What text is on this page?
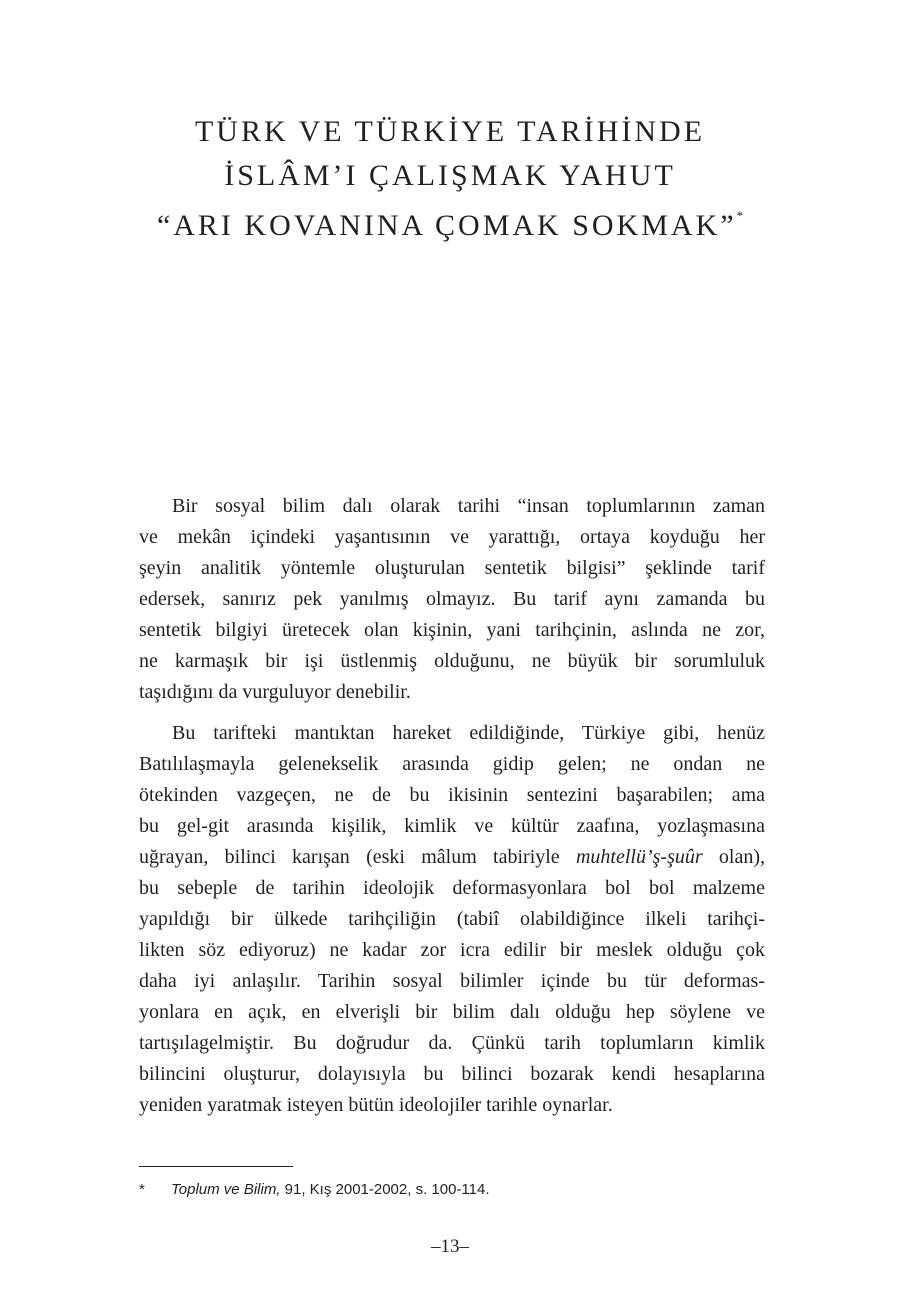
TÜRK VE TÜRKİYE TARİHİNDE
İSLÂM’I ÇALIŞMAK YAHUT
“ARI KOVANINA ÇOMAK SOKMAK”*

Bir sosyal bilim dalı olarak tarihi “insan toplumlarının zaman
ve mekân içindeki yaşantısının ve yarattığı, ortaya koyduğu her
şeyin analitik yöntemle oluşturulan sentetik bilgisi” şeklinde tarif
edersek, sanırız pek yanılmış olmayız. Bu tarif aynı zamanda bu
sentetik bilgiyi üretecek olan kişinin, yani tarihçinin, aslında ne zor,
ne karmaşık bir işi üstlenmiş olduğunu, ne büyük bir sorumluluk
taşıdığını da vurguluyor denebilir.

Bu tarifteki mantıktan hareket edildiğinde, Türkiye gibi, henüz
Batılılaşmayla gelenekselik arasında gidip gelen; ne ondan ne
ötekinden vazgeçen, ne de bu ikisinin sentezini başarabilen; ama
bu gel-git arasında kişilik, kimlik ve kültür zaafına, yozlaşmasına
uğrayan, bilinci karışan (eski mâlum tabiriyle muhtellü’ş-şuûr olan),
bu sebeple de tarihin ideolojik deformasyonlara bol bol malzeme
yapıldığı bir ülkede tarihçiliğin (tabiî olabildiğince ilkeli tarihçi-
likten söz ediyoruz) ne kadar zor icra edilir bir meslek olduğu çok
daha iyi anlaşılır. Tarihin sosyal bilimler içinde bu tür deformas-
yonlara en açık, en elverişli bir bilim dalı olduğu hep söylene ve
tartışılagelmiştir. Bu doğrudur da. Çünkü tarih toplumların kimlik
bilincini oluşturur, dolayısıyla bu bilinci bozarak kendi hesaplarına
yeniden yaratmak isteyen bütün ideolojiler tarihle oynarlar.

* Toplum ve Bilim, 91, Kış 2001-2002, s. 100-114.
–13–
